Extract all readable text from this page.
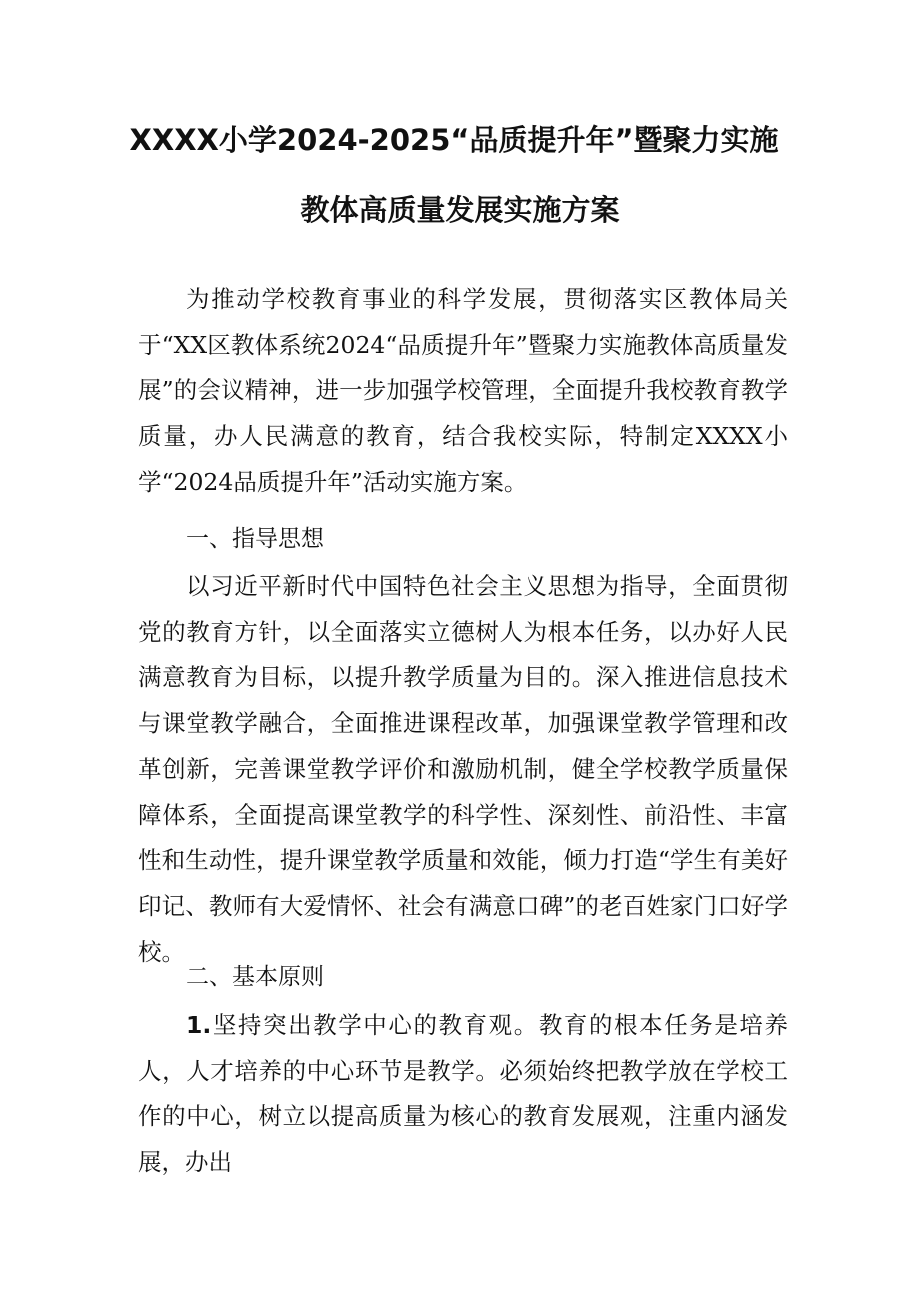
XXXX小学2024-2025“品质提升年”暨聚力实施
教体高质量发展实施方案

为推动学校教育事业的科学发展，贯彻落实区教体局关于“XX区教体系统2024“品质提升年”暨聚力实施教体高质量发展”的会议精神，进一步加强学校管理，全面提升我校教育教学质量，办人民满意的教育，结合我校实际，特制定XXXX小学“2024品质提升年”活动实施方案。

一、指导思想

以习近平新时代中国特色社会主义思想为指导，全面贯彻党的教育方针，以全面落实立德树人为根本任务，以办好人民满意教育为目标，以提升教学质量为目的。深入推进信息技术与课堂教学融合，全面推进课程改革，加强课堂教学管理和改革创新，完善课堂教学评价和激励机制，健全学校教学质量保障体系，全面提高课堂教学的科学性、深刻性、前沿性、丰富性和生动性，提升课堂教学质量和效能，倾力打造“学生有美好印记、教师有大爱情怀、社会有满意口碑”的老百姓家门口好学校。

二、基本原则

1.坚持突出教学中心的教育观。教育的根本任务是培养人，人才培养的中心环节是教学。必须始终把教学放在学校工作的中心，树立以提高质量为核心的教育发展观，注重内涵发展，办出
